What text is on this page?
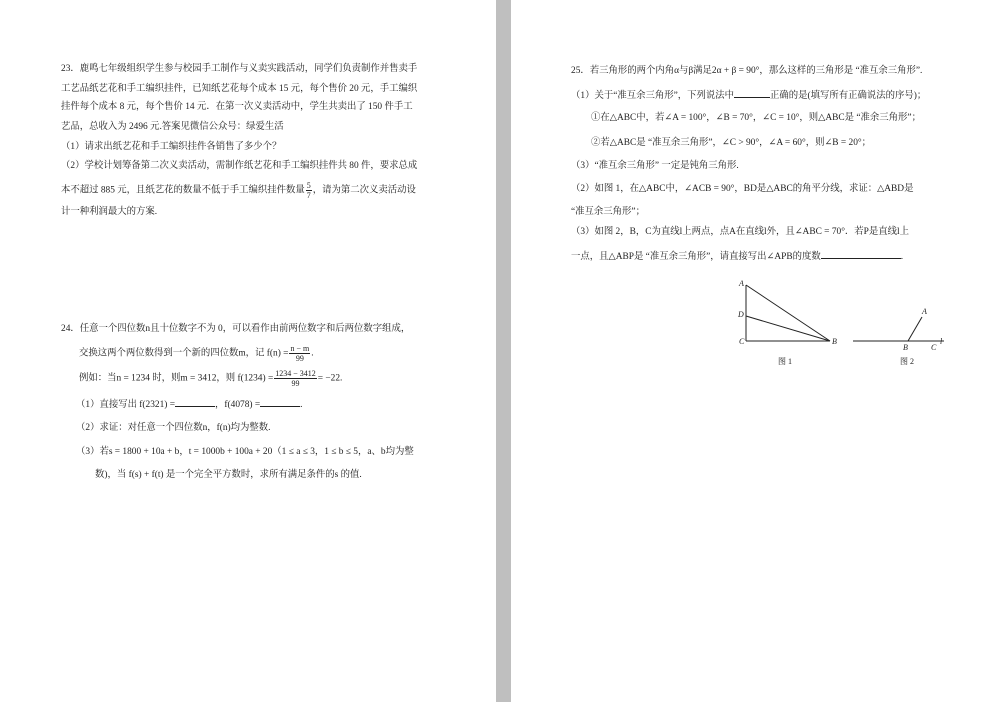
23．鹿鸣七年级组织学生参与校园手工制作与义卖实践活动，同学们负责制作并售卖手
工艺品纸艺花和手工编织挂件，已知纸艺花每个成本 15 元，每个售价 20 元，手工编织
挂件每个成本 8 元，每个售价 14 元．在第一次义卖活动中，学生共卖出了 150 件手工
艺品，总收入为 2496 元.答案见微信公众号：绿爱生活
（1）请求出纸艺花和手工编织挂件各销售了多少个？
（2）学校计划筹备第二次义卖活动，需制作纸艺花和手工编织挂件共 80 件，要求总成
本不超过 885 元，且纸艺花的数量不低于手工编织挂件数量 $\frac{5}{7}$ ，请为第二次义卖活动设
计一种利润最大的方案.
24．任意一个四位数n且十位数字不为 0，可以看作由前两位数字和后两位数字组成，
交换这两个两位数得到一个新的四位数m，记 $f(n) = \frac{n - m}{99}$ .
例如：当n = 1234 时，则m = 3412，则 $f(1234) = \frac{1234 - 3412}{99} = -22$.
（1）直接写出 f(2321) =	，f(4078) =	.
（2）求证：对任意一个四位数n，f(n)均为整数.
（3）若s = 1800 + 10a + b，t = 1000b + 100a + 20（1 ≤ a ≤ 3，1 ≤ b ≤ 5，a、b均为整
数)，当 f(s) + f(t) 是一个完全平方数时，求所有满足条件的s 的值.
25．若三角形的两个内角α与β满足2α + β = 90°，那么这样的三角形是 “准互余三角形”.
（1）关于“准互余三角形”，下列说法中	正确的是(填写所有正确说法的序号)；
①在△ABC中，若∠A = 100°，∠B = 70°，∠C = 10°，则△ABC是 “准余三角形”；
②若△ABC是 “准互余三角形”，∠C > 90°，∠A = 60°，则∠B = 20°；
（3）“准互余三角形” 一定是钝角三角形.
（2）如图 1，在△ABC中，∠ACB = 90°，BD是△ABC的角平分线，求证：△ABD是
“准互余三角形”；
（3）如图 2，B，C为直线l上两点，点A在直线l外，且∠ABC = 70°．若P是直线l上
一点，且△ABP是 “准互余三角形”，请直接写出∠APB的度数	.
A
D
C	B
图 1
A
B	C
l
图 2
